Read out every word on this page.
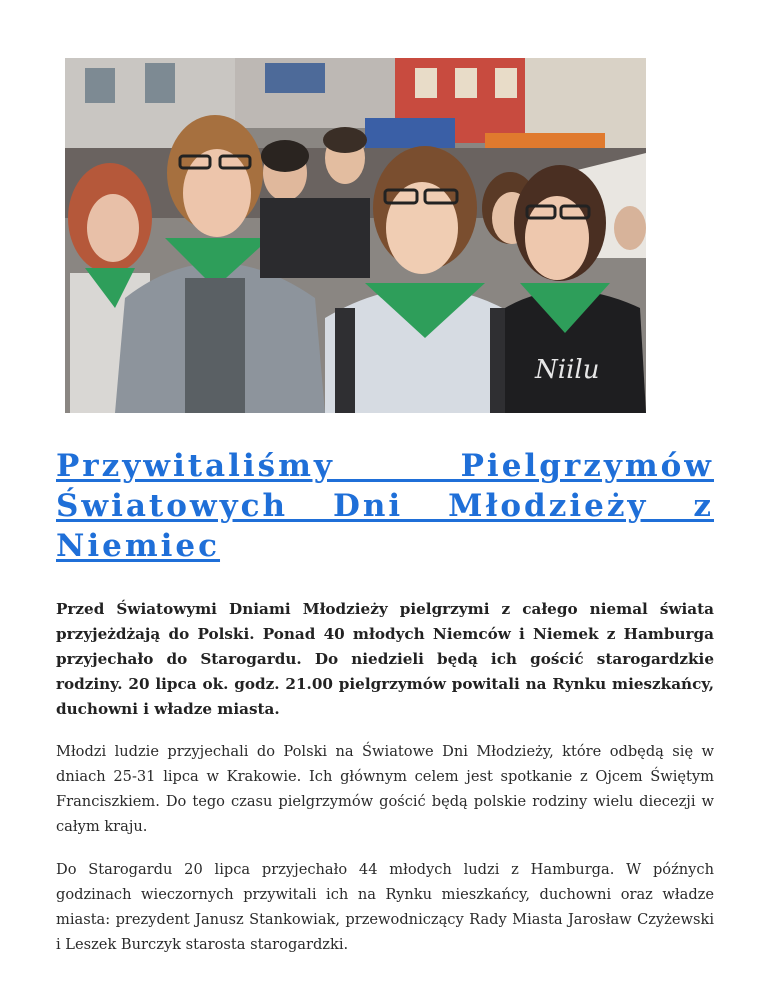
Niilu
Przywitaliśmy Pielgrzymów Światowych Dni Młodzieży z Niemiec

Przed Światowymi Dniami Młodzieży pielgrzymi z całego niemal świata przyjeżdżają do Polski. Ponad 40 młodych Niemców i Niemek z Hamburga przyjechało do Starogardu. Do niedzieli będą ich gościć starogardzkie rodziny. 20 lipca ok. godz. 21.00 pielgrzymów powitali na Rynku mieszkańcy, duchowni i władze miasta.

Młodzi ludzie przyjechali do Polski na Światowe Dni Młodzieży, które odbędą się w dniach 25-31 lipca w Krakowie. Ich głównym celem jest spotkanie z Ojcem Świętym Franciszkiem. Do tego czasu pielgrzymów gościć będą polskie rodziny wielu diecezji w całym kraju.

Do Starogardu 20 lipca przyjechało 44 młodych ludzi z Hamburga. W późnych godzinach wieczornych przywitali ich na Rynku mieszkańcy, duchowni oraz władze miasta: prezydent Janusz Stankowiak, przewodniczący Rady Miasta Jarosław Czyżewski i Leszek Burczyk starosta starogardzki.
